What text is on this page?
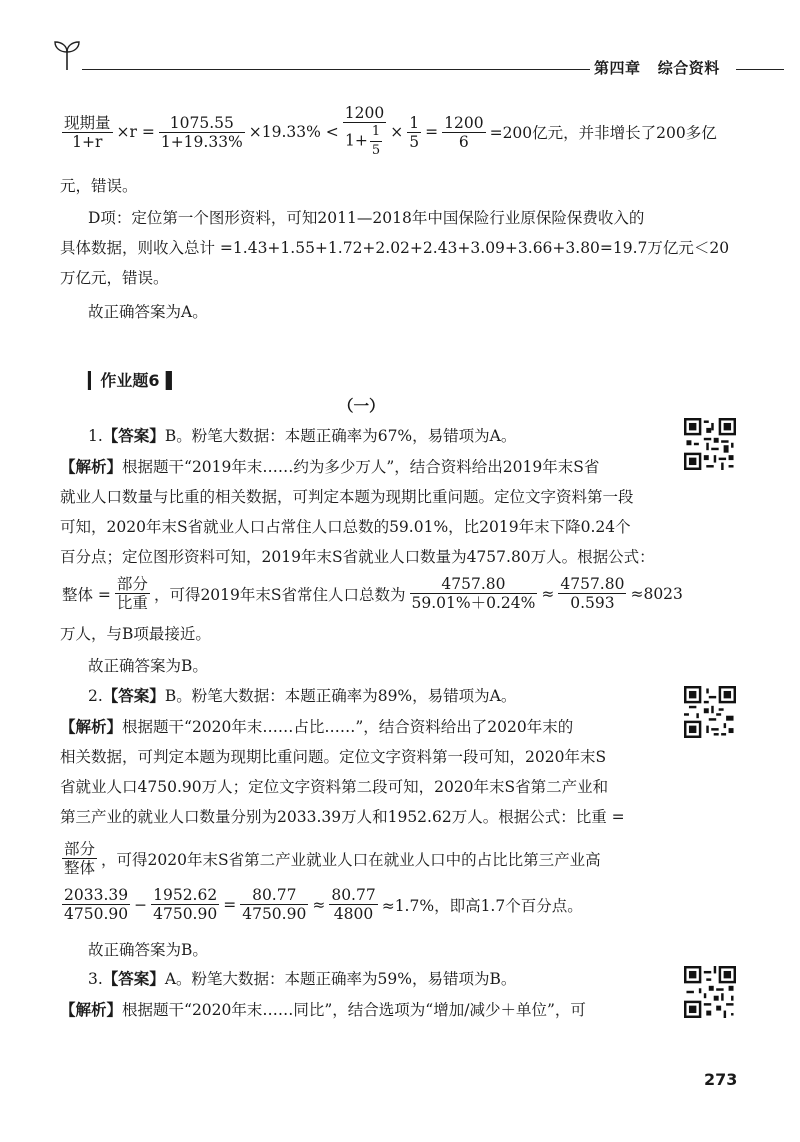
第四章 综合资料
$\frac{\text{现期量}}{1+r} \times r = \frac{1075.55}{1+19.33\%} \times 19.33\% < \frac{1200}{1+ \frac{1}{5}} \times \frac{1}{5} = \frac{1200}{6} =200$亿元，并非增长了200多亿
元，错误。
D项：定位第一个图形资料，可知2011—2018年中国保险行业原保险保费收入的
具体数据，则收入总计 =1.43+1.55+1.72+2.02+2.43+3.09+3.66+3.80=19.7万亿元＜20
万亿元，错误。
故正确答案为A。
▎作业题6▐
（一）
1.【答案】B。粉笔大数据：本题正确率为67%，易错项为A。
【解析】根据题干“2019年末……约为多少万人”，结合资料给出2019年末S省
就业人口数量与比重的相关数据，可判定本题为现期比重问题。定位文字资料第一段
可知，2020年末S省就业人口占常住人口总数的59.01%，比2019年末下降0.24个
百分点；定位图形资料可知，2019年末S省就业人口数量为4757.80万人。根据公式：
整体 = $\frac{\text{部分}}{\text{比重}}$ ，可得2019年末S省常住人口总数为 $\frac{4757.80}{59.01\%+0.24\%} \approx \frac{4757.80}{0.593} \approx 8023$
万人，与B项最接近。
故正确答案为B。
2.【答案】B。粉笔大数据：本题正确率为89%，易错项为A。
【解析】根据题干“2020年末……占比……”，结合资料给出了2020年末的
相关数据，可判定本题为现期比重问题。定位文字资料第一段可知，2020年末S
省就业人口4750.90万人；定位文字资料第二段可知，2020年末S省第二产业和
第三产业的就业人口数量分别为2033.39万人和1952.62万人。根据公式：比重 =
$\frac{\text{部分}}{\text{整体}}$ ，可得2020年末S省第二产业就业人口在就业人口中的占比比第三产业高
$\frac{2033.39}{4750.90} - \frac{1952.62}{4750.90} = \frac{80.77}{4750.90} \approx \frac{80.77}{4800} \approx 1.7\%$，即高1.7个百分点。
故正确答案为B。
3.【答案】A。粉笔大数据：本题正确率为59%，易错项为B。
【解析】根据题干“2020年末……同比”，结合选项为“增加/减少＋单位”，可
273
